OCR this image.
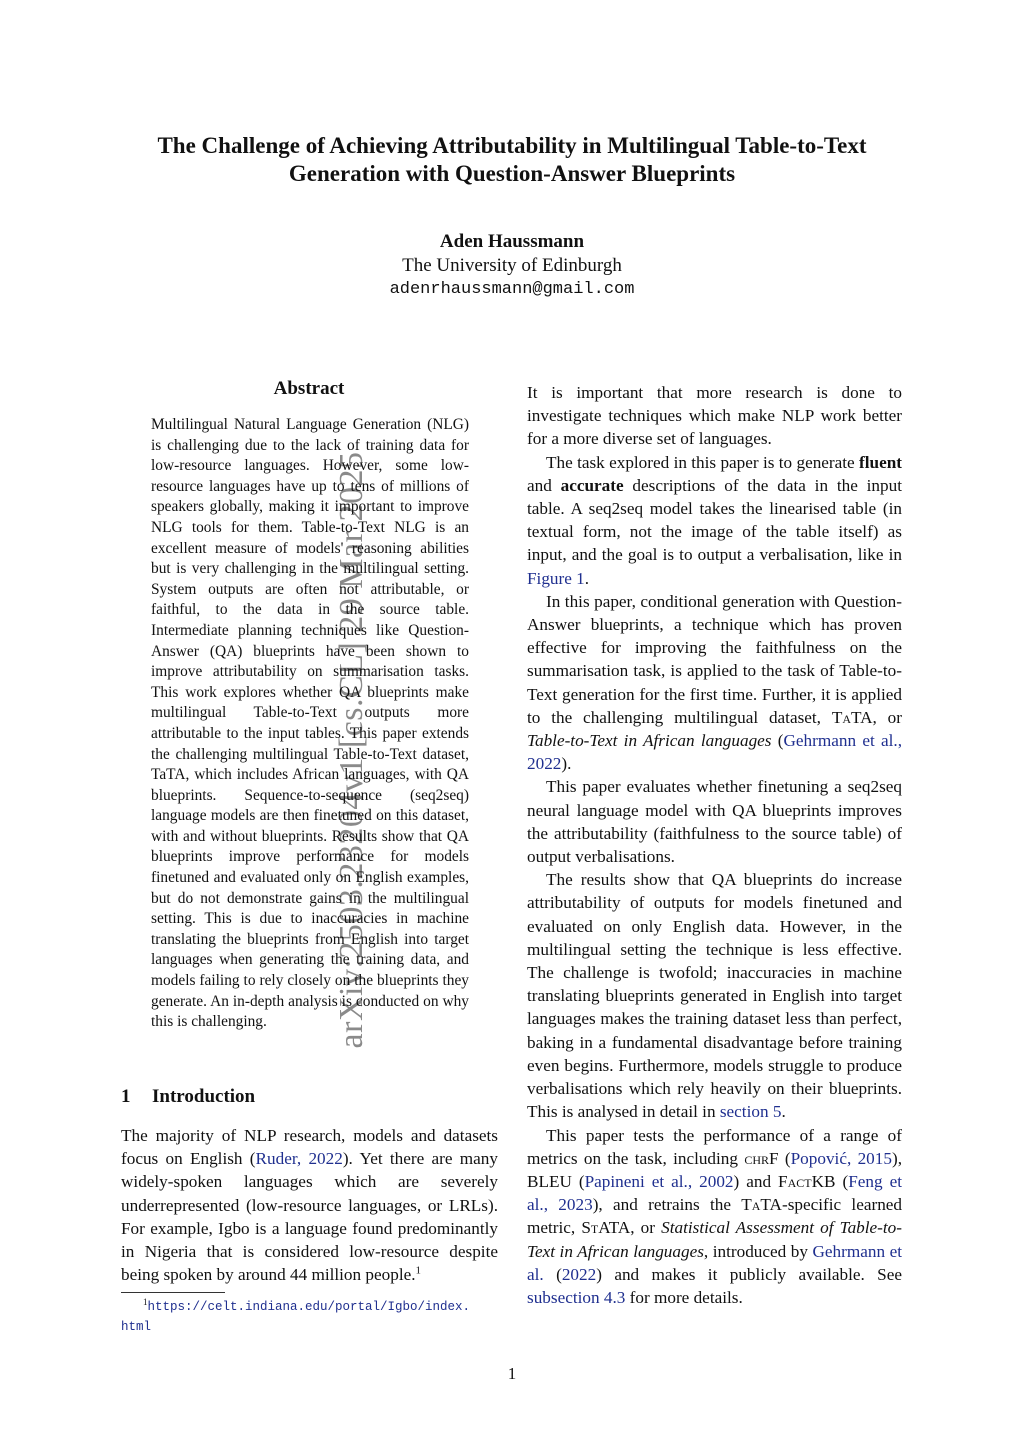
arXiv:2503.23204v1 [cs.CL] 29 Mar 2025
The Challenge of Achieving Attributability in Multilingual Table-to-Text
Generation with Question-Answer Blueprints
Aden Haussmann
The University of Edinburgh
adenrhaussmann@gmail.com
Abstract

Multilingual Natural Language Generation (NLG) is challenging due to the lack of training data for low-resource languages. However, some low-resource languages have up to tens of millions of speakers globally, making it important to improve NLG tools for them. Table-to-Text NLG is an excellent measure of models' reasoning abilities but is very challenging in the multilingual setting. System outputs are often not attributable, or faithful, to the data in the source table. Intermediate planning techniques like Question-Answer (QA) blueprints have been shown to improve attributability on summarisation tasks. This work explores whether QA blueprints make multilingual Table-to-Text outputs more attributable to the input tables. This paper extends the challenging multilingual Table-to-Text dataset, TaTA, which includes African languages, with QA blueprints. Sequence-to-sequence (seq2seq) language models are then finetuned on this dataset, with and without blueprints. Results show that QA blueprints improve performance for models finetuned and evaluated only on English examples, but do not demonstrate gains in the multilingual setting. This is due to inaccuracies in machine translating the blueprints from English into target languages when generating the training data, and models failing to rely closely on the blueprints they generate. An in-depth analysis is conducted on why this is challenging.

1 Introduction

The majority of NLP research, models and datasets focus on English (Ruder, 2022). Yet there are many widely-spoken languages which are severely underrepresented (low-resource languages, or LRLs). For example, Igbo is a language found predominantly in Nigeria that is considered low-resource despite being spoken by around 44 million people.$^1$

1https://celt.indiana.edu/portal/Igbo/index.
html

It is important that more research is done to investigate techniques which make NLP work better for a more diverse set of languages.

The task explored in this paper is to generate fluent and accurate descriptions of the data in the input table. A seq2seq model takes the linearised table (in textual form, not the image of the table itself) as input, and the goal is to output a verbalisation, like in Figure 1.

In this paper, conditional generation with Question-Answer blueprints, a technique which has proven effective for improving the faithfulness on the summarisation task, is applied to the task of Table-to-Text generation for the first time. Further, it is applied to the challenging multilingual dataset, TaTA, or Table-to-Text in African languages (Gehrmann et al., 2022).

This paper evaluates whether finetuning a seq2seq neural language model with QA blueprints improves the attributability (faithfulness to the source table) of output verbalisations.

The results show that QA blueprints do increase attributability of outputs for models finetuned and evaluated on only English data. However, in the multilingual setting the technique is less effective. The challenge is twofold; inaccuracies in machine translating blueprints generated in English into target languages makes the training dataset less than perfect, baking in a fundamental disadvantage before training even begins. Furthermore, models struggle to produce verbalisations which rely heavily on their blueprints. This is analysed in detail in section 5.

This paper tests the performance of a range of metrics on the task, including chrF (Popović, 2015), BLEU (Papineni et al., 2002) and FactKB (Feng et al., 2023), and retrains the TaTA-specific learned metric, StATA, or Statistical Assessment of Table-to-Text in African languages, introduced by Gehrmann et al. (2022) and makes it publicly available. See subsection 4.3 for more details.

1
